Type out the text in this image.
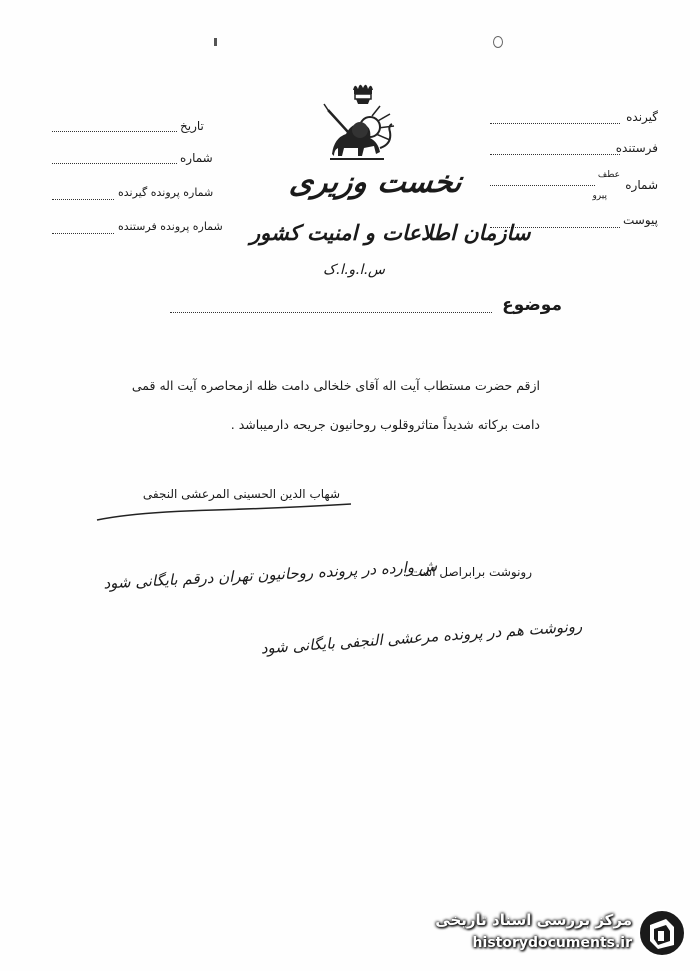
گیرنده
فرستنده
شماره
عطف
پیرو
پیوست
تاریخ
شماره
شماره پرونده گیرنده
شماره پرونده فرستنده
نخست وزیری
سازمان اطلاعات و امنیت کشور
س.ا.و.ا.ک
موضوع
ازقم حضرت مستطاب آیت اله آقای خلخالی دامت ظله ازمحاصره آیت اله قمی
دامت برکاته شدیداً متاثروقلوب روحانیون جریحه دارمیباشد .
شهاب الدین الحسینی المرعشی النجفی
رونوشت برابراصل است .
ش وارده در پرونده روحانیون تهران درقم بایگانی شود
رونوشت هم در پرونده مرعشی النجفی بایگانی شود
مرکز بررسی اسناد تاریخی
historydocuments.ir
